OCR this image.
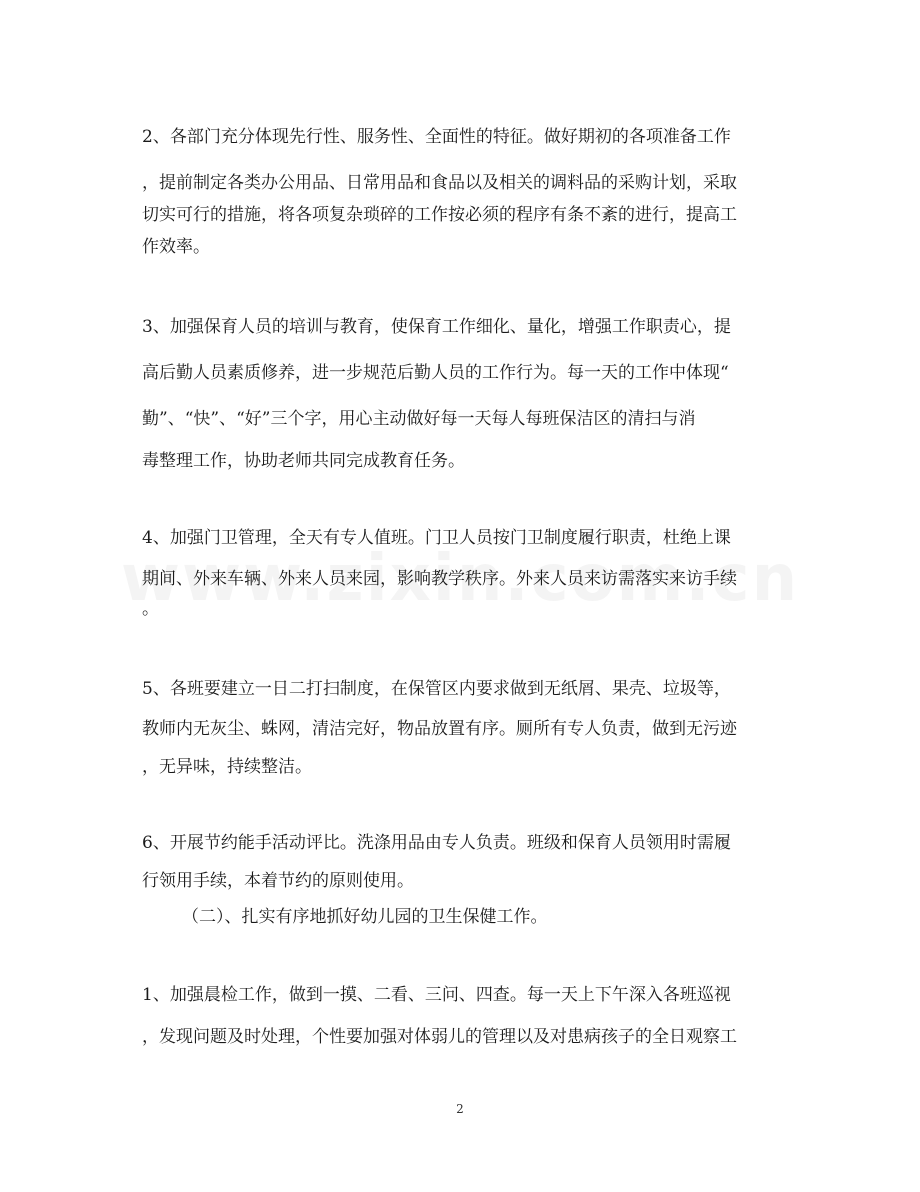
2、各部门充分体现先行性、服务性、全面性的特征。做好期初的各项准备工作
，提前制定各类办公用品、日常用品和食品以及相关的调料品的采购计划，采取
切实可行的措施，将各项复杂琐碎的工作按必须的程序有条不紊的进行，提高工
作效率。
3、加强保育人员的培训与教育，使保育工作细化、量化，增强工作职责心，提
高后勤人员素质修养，进一步规范后勤人员的工作行为。每一天的工作中体现“
勤”、“快”、“好”三个字，用心主动做好每一天每人每班保洁区的清扫与消
毒整理工作，协助老师共同完成教育任务。
4、加强门卫管理，全天有专人值班。门卫人员按门卫制度履行职责，杜绝上课
期间、外来车辆、外来人员来园，影响教学秩序。外来人员来访需落实来访手续
。
5、各班要建立一日二打扫制度，在保管区内要求做到无纸屑、果壳、垃圾等，
教师内无灰尘、蛛网，清洁完好，物品放置有序。厕所有专人负责，做到无污迹
，无异味，持续整洁。
6、开展节约能手活动评比。洗涤用品由专人负责。班级和保育人员领用时需履
行领用手续，本着节约的原则使用。
（二）、扎实有序地抓好幼儿园的卫生保健工作。
1、加强晨检工作，做到一摸、二看、三问、四查。每一天上下午深入各班巡视
，发现问题及时处理，个性要加强对体弱儿的管理以及对患病孩子的全日观察工
2
